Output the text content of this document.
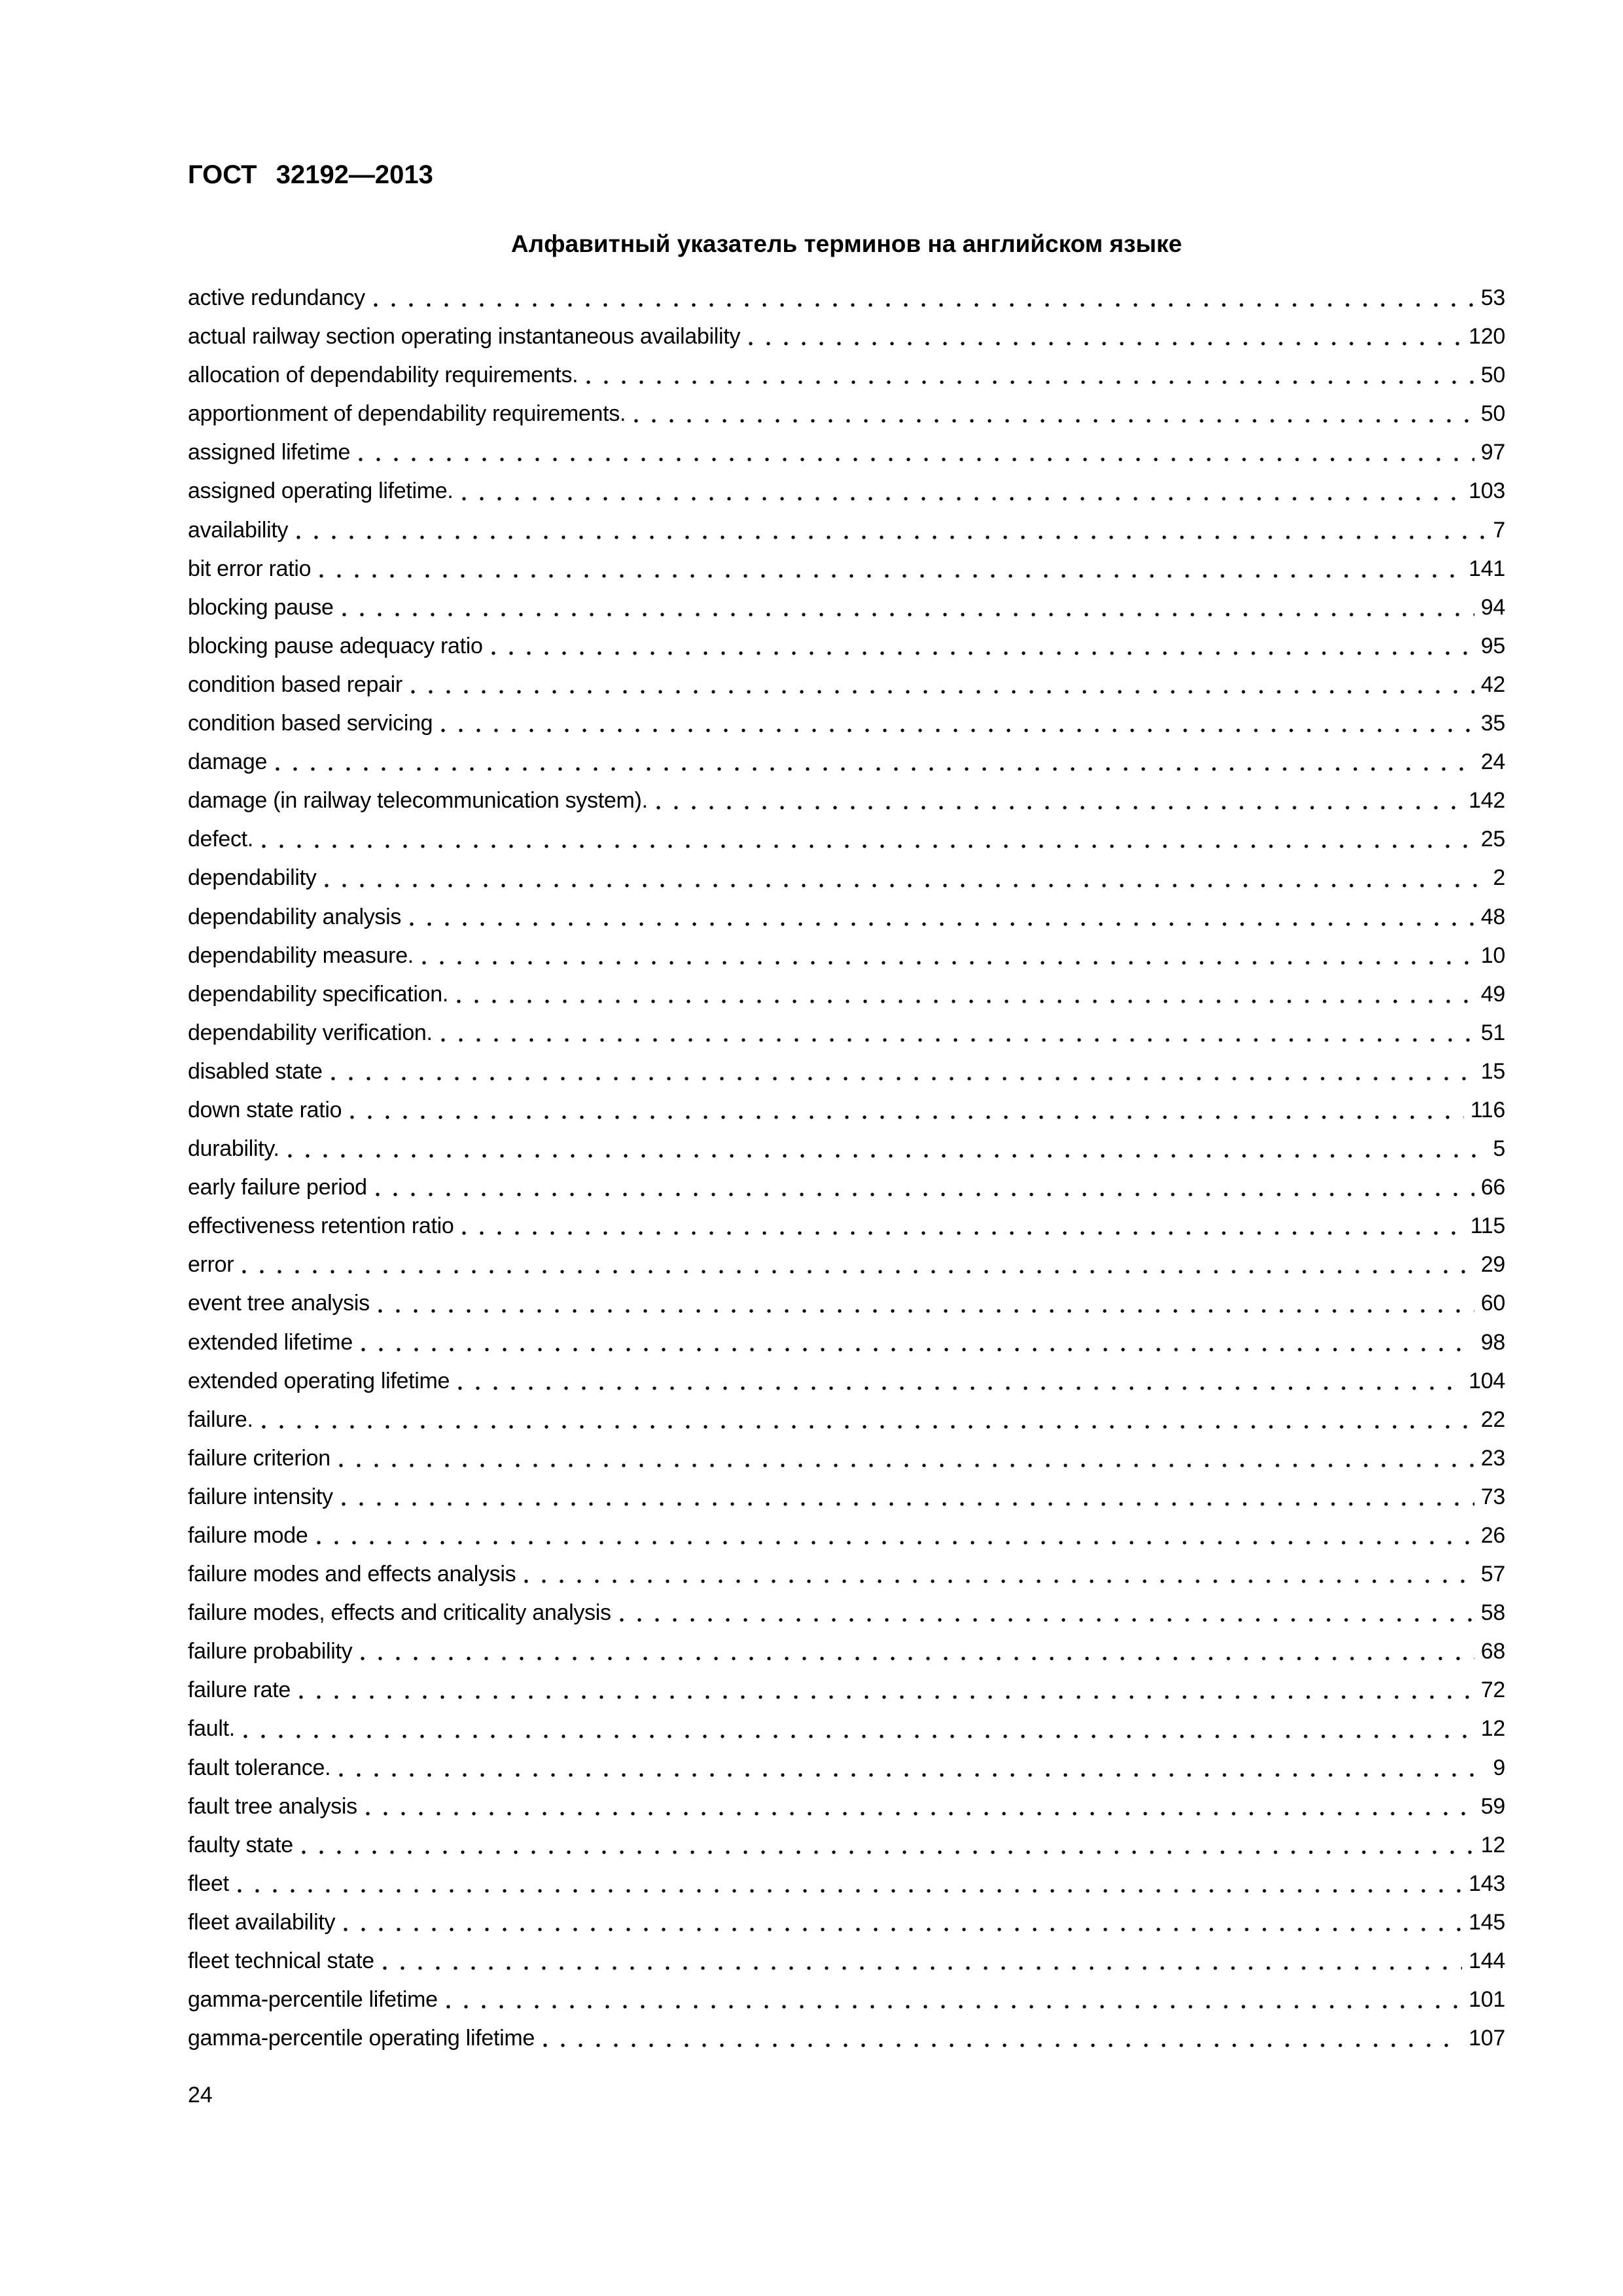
ГОСТ 32192—2013
Алфавитный указатель терминов на английском языке
active redundancy	53
actual railway section operating instantaneous availability	120
allocation of dependability requirements.	50
apportionment of dependability requirements.	50
assigned lifetime	97
assigned operating lifetime.	103
availability	7
bit error ratio	141
blocking pause	94
blocking pause adequacy ratio	95
condition based repair	42
condition based servicing	35
damage	24
damage (in railway telecommunication system).	142
defect.	25
dependability	2
dependability analysis	48
dependability measure.	10
dependability specification.	49
dependability verification.	51
disabled state	15
down state ratio	116
durability.	5
early failure period	66
effectiveness retention ratio	115
error	29
event tree analysis	60
extended lifetime	98
extended operating lifetime	104
failure.	22
failure criterion	23
failure intensity	73
failure mode	26
failure modes and effects analysis	57
failure modes, effects and criticality analysis	58
failure probability	68
failure rate	72
fault.	12
fault tolerance.	9
fault tree analysis	59
faulty state	12
fleet	143
fleet availability	145
fleet technical state	144
gamma-percentile lifetime	101
gamma-percentile operating lifetime	107
24
